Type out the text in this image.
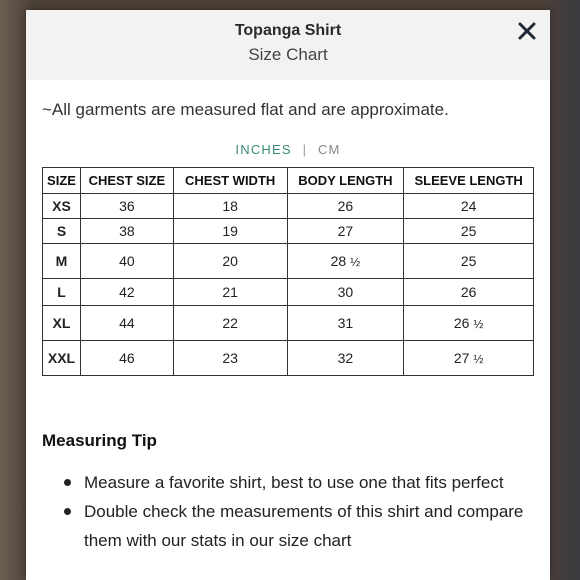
Topanga Shirt
Size Chart
~All garments are measured flat and are approximate.
INCHES | CM
SIZE	CHEST SIZE	CHEST WIDTH	BODY LENGTH	SLEEVE LENGTH
XS	36	18	26	24
S	38	19	27	25
M	40	20	28 ½	25
L	42	21	30	26
XL	44	22	31	26 ½
XXL	46	23	32	27 ½
Measuring Tip
Measure a favorite shirt, best to use one that fits perfect
Double check the measurements of this shirt and compare them with our stats in our size chart
